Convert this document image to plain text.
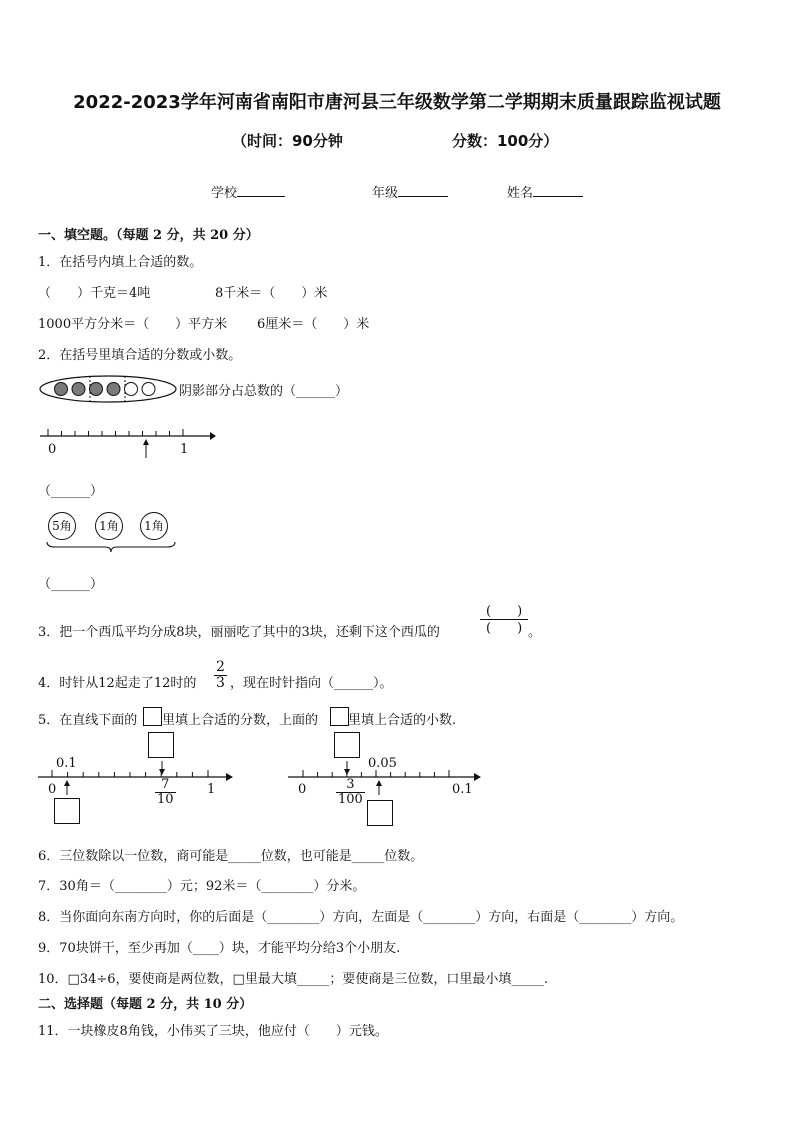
2022-2023学年河南省南阳市唐河县三年级数学第二学期期末质量跟踪监视试题
（时间：90分钟	分数：100分）
学校	年级	姓名
一、填空题。（每题 2 分，共 20 分）
1．在括号内填上合适的数。
（　　）千克＝4吨	8千米＝（　　）米
1000平方分米＝（　　）平方米 6厘米＝（　　）米
2．在括号里填合适的分数或小数。
阴影部分占总数的（______）
0	1
（______）
5角	1角	1角
（______）
3．把一个西瓜平均分成8块，丽丽吃了其中的3块，还剩下这个西瓜的	$\frac{( )}{( )}$ 。
4．时针从12起走了12时的 $\frac{2}{3}$ ，现在时针指向（______）。
5．在直线下面的 里填上合适的分数，上面的 里填上合适的小数.
0.1
0	$\frac{7}{10} 1$
0.05
$0 \frac{3}{100}$	0.1
6．三位数除以一位数，商可能是_____位数，也可能是_____位数。
7．30角＝（________）元；92米＝（________）分米。
8．当你面向东南方向时，你的后面是（________）方向，左面是（________）方向，右面是（________）方向。
9．70块饼干，至少再加（____）块，才能平均分给3个小朋友.
10．□34÷6，要使商是两位数，□里最大填_____；要使商是三位数，口里最小填_____.
二、选择题（每题 2 分，共 10 分）
11．一块橡皮8角钱，小伟买了三块，他应付（　　）元钱。
